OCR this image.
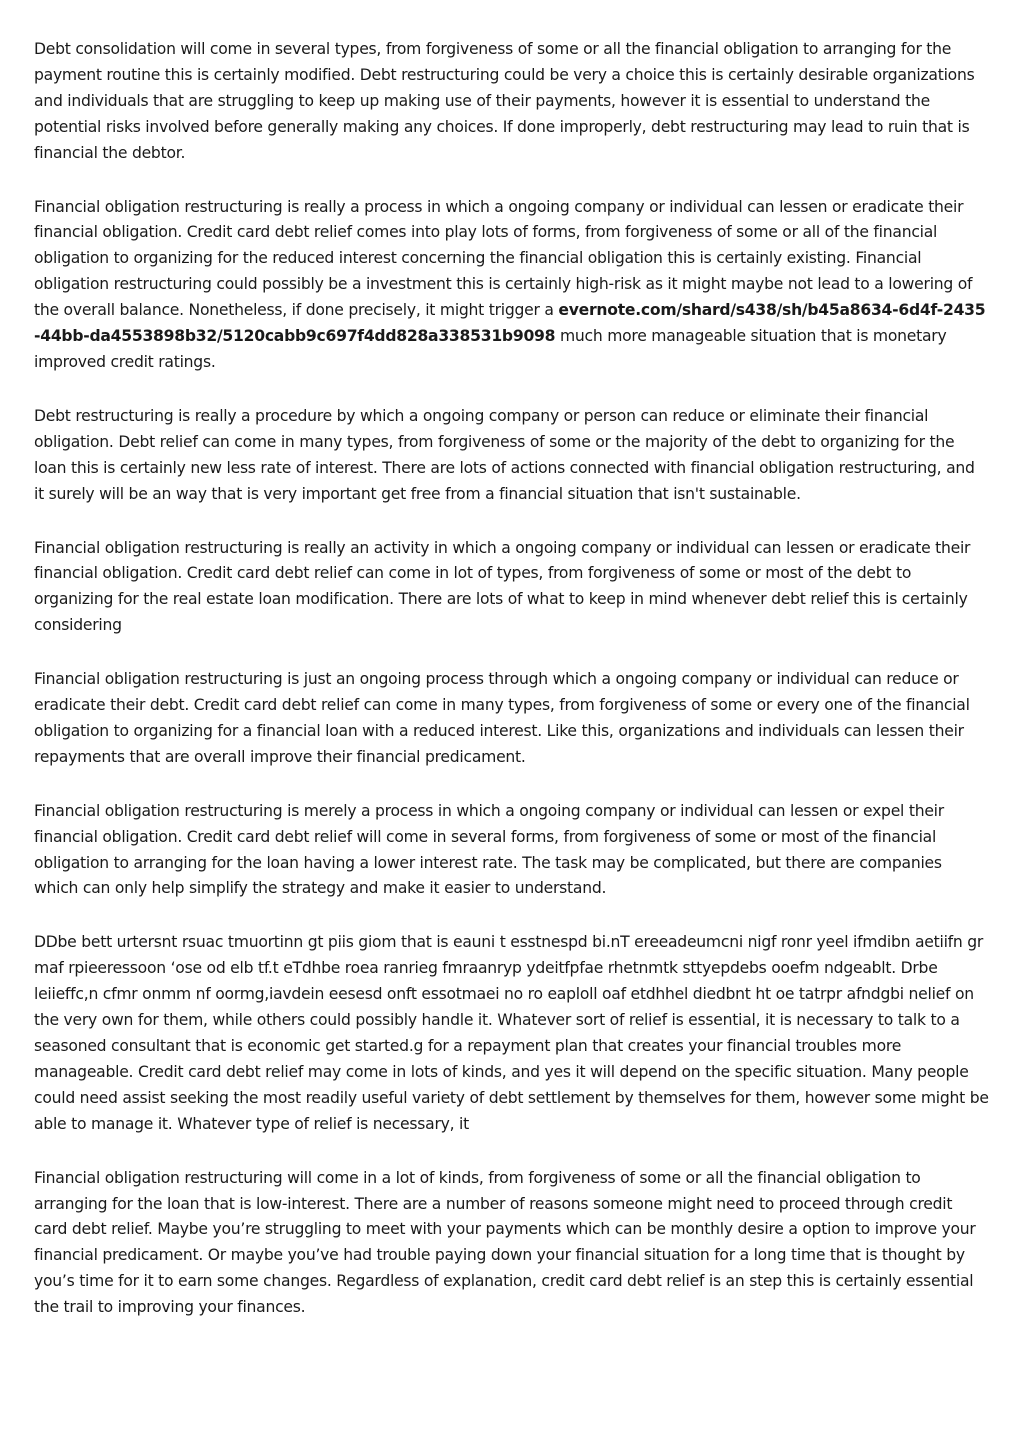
Debt consolidation will come in several types, from forgiveness of some or all the financial obligation to arranging for the payment routine this is certainly modified. Debt restructuring could be very a choice this is certainly desirable organizations and individuals that are struggling to keep up making use of their payments, however it is essential to understand the potential risks involved before generally making any choices. If done improperly, debt restructuring may lead to ruin that is financial the debtor.

Financial obligation restructuring is really a process in which a ongoing company or individual can lessen or eradicate their financial obligation. Credit card debt relief comes into play lots of forms, from forgiveness of some or all of the financial obligation to organizing for the reduced interest concerning the financial obligation this is certainly existing. Financial obligation restructuring could possibly be a investment this is certainly high-risk as it might maybe not lead to a lowering of the overall balance. Nonetheless, if done precisely, it might trigger a evernote.com/shard/s438/sh/b45a8634-6d4f-2435-44bb-da4553898b32/5120cabb9c697f4dd828a338531b9098 much more manageable situation that is monetary improved credit ratings.

Debt restructuring is really a procedure by which a ongoing company or person can reduce or eliminate their financial obligation. Debt relief can come in many types, from forgiveness of some or the majority of the debt to organizing for the loan this is certainly new less rate of interest. There are lots of actions connected with financial obligation restructuring, and it surely will be an way that is very important get free from a financial situation that isn't sustainable.

Financial obligation restructuring is really an activity in which a ongoing company or individual can lessen or eradicate their financial obligation. Credit card debt relief can come in lot of types, from forgiveness of some or most of the debt to organizing for the real estate loan modification. There are lots of what to keep in mind whenever debt relief this is certainly considering

Financial obligation restructuring is just an ongoing process through which a ongoing company or individual can reduce or eradicate their debt. Credit card debt relief can come in many types, from forgiveness of some or every one of the financial obligation to organizing for a financial loan with a reduced interest. Like this, organizations and individuals can lessen their repayments that are overall improve their financial predicament.

Financial obligation restructuring is merely a process in which a ongoing company or individual can lessen or expel their financial obligation. Credit card debt relief will come in several forms, from forgiveness of some or most of the financial obligation to arranging for the loan having a lower interest rate. The task may be complicated, but there are companies which can only help simplify the strategy and make it easier to understand.

DDbe bett urtersnt rsuac tmuortinn gt piis giom that is eauni t esstnespd bi.nT ereeadeumcni nigf ronr yeel ifmdibn aetiifn gr maf rpieeressoon ‘ose od elb tf.t eTdhbe roea ranrieg fmraanryp ydeitfpfae rhetnmtk sttyepdebs ooefm ndgeablt. Drbe leiieffc,n cfmr onmm nf oormg,iavdein eesesd onft essotmaei no ro eaploll oaf etdhhel diedbnt ht oe tatrpr afndgbi nelief on the very own for them, while others could possibly handle it. Whatever sort of relief is essential, it is necessary to talk to a seasoned consultant that is economic get started.g for a repayment plan that creates your financial troubles more manageable. Credit card debt relief may come in lots of kinds, and yes it will depend on the specific situation. Many people could need assist seeking the most readily useful variety of debt settlement by themselves for them, however some might be able to manage it. Whatever type of relief is necessary, it

Financial obligation restructuring will come in a lot of kinds, from forgiveness of some or all the financial obligation to arranging for the loan that is low-interest. There are a number of reasons someone might need to proceed through credit card debt relief. Maybe you’re struggling to meet with your payments which can be monthly desire a option to improve your financial predicament. Or maybe you’ve had trouble paying down your financial situation for a long time that is thought by you’s time for it to earn some changes. Regardless of explanation, credit card debt relief is an step this is certainly essential the trail to improving your finances.
